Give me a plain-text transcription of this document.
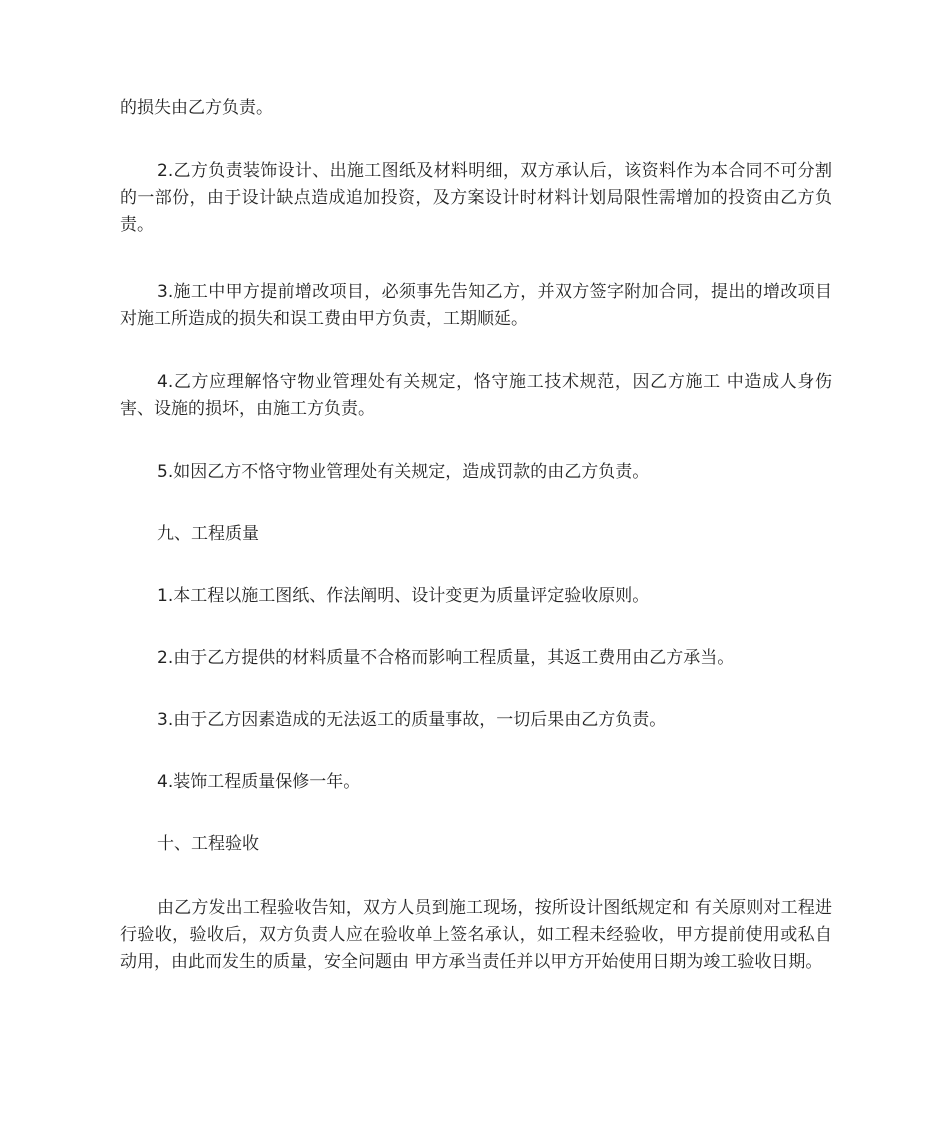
的损失由乙方负责。

2.乙方负责装饰设计、出施工图纸及材料明细，双方承认后，该资料作为本合同不可分割的一部份，由于设计缺点造成追加投资，及方案设计时材料计划局限性需增加的投资由乙方负责。

3.施工中甲方提前增改项目，必须事先告知乙方，并双方签字附加合同，提出的增改项目对施工所造成的损失和误工费由甲方负责，工期顺延。

4.乙方应理解恪守物业管理处有关规定，恪守施工技术规范，因乙方施工 中造成人身伤害、设施的损坏，由施工方负责。

5.如因乙方不恪守物业管理处有关规定，造成罚款的由乙方负责。

九、工程质量

1.本工程以施工图纸、作法阐明、设计变更为质量评定验收原则。

2.由于乙方提供的材料质量不合格而影响工程质量，其返工费用由乙方承当。

3.由于乙方因素造成的无法返工的质量事故，一切后果由乙方负责。

4.装饰工程质量保修一年。

十、工程验收

由乙方发出工程验收告知，双方人员到施工现场，按所设计图纸规定和 有关原则对工程进行验收，验收后，双方负责人应在验收单上签名承认，如工程未经验收，甲方提前使用或私自动用，由此而发生的质量，安全问题由 甲方承当责任并以甲方开始使用日期为竣工验收日期。
